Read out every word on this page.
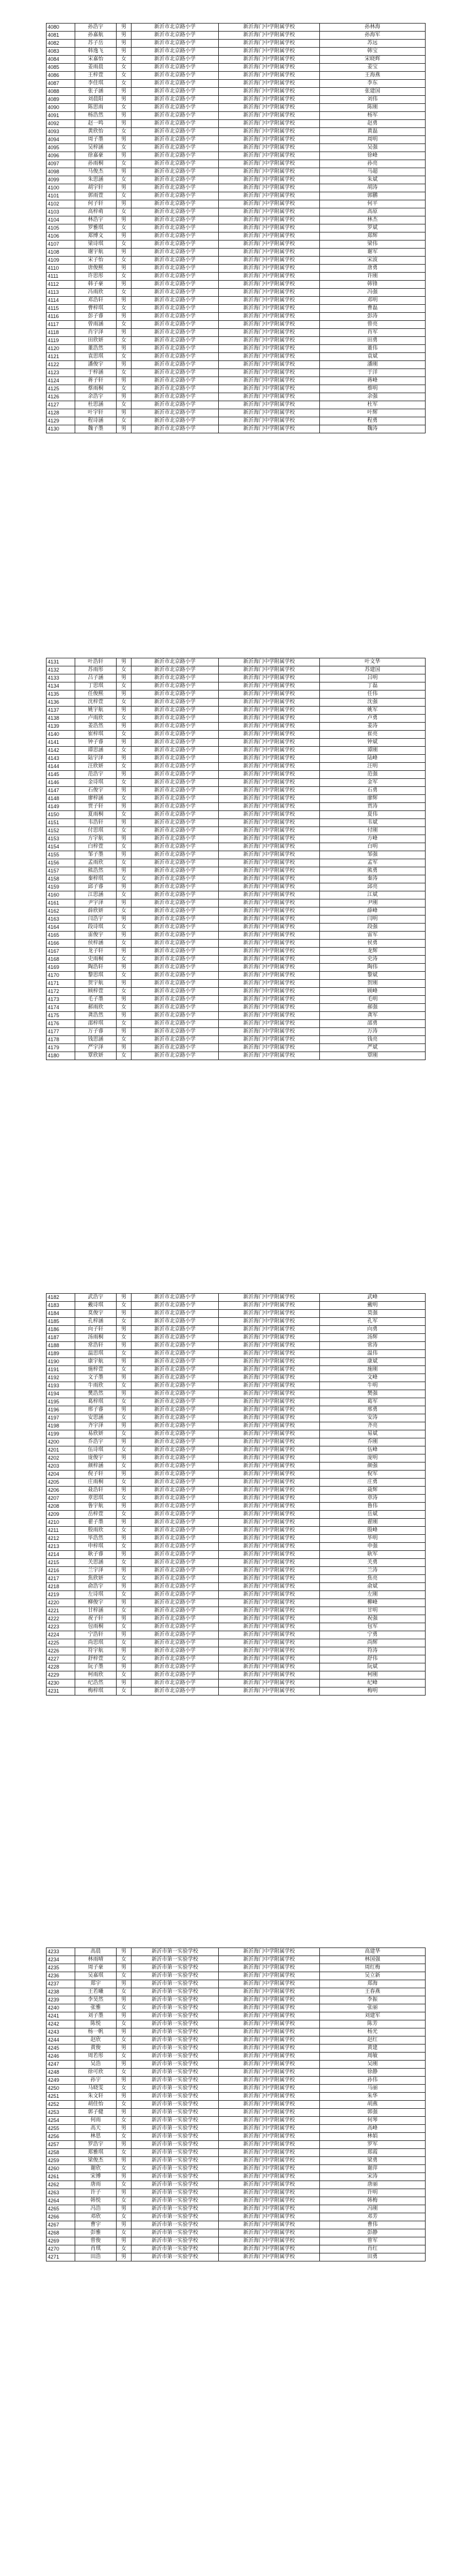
4080	孙浩宇	男	新沂市北京路小学	新沂海门中学附属学校	孙林海
4081	孙嘉航	男	新沂市北京路小学	新沂海门中学附属学校	孙海军
4082	苏子岳	男	新沂市北京路小学	新沂海门中学附属学校	苏远
4083	韩逸飞	男	新沂市北京路小学	新沂海门中学附属学校	韩宝
4084	宋嘉怡	女	新沂市北京路小学	新沂海门中学附属学校	宋晓辉
4085	姜雨晨	女	新沂市北京路小学	新沂海门中学附属学校	姜宝
4086	王梓萱	女	新沂市北京路小学	新沂海门中学附属学校	王海燕
4087	李佳琪	女	新沂市北京路小学	新沂海门中学附属学校	李东
4088	张子涵	男	新沂市北京路小学	新沂海门中学附属学校	张建国
4089	刘晨阳	男	新沂市北京路小学	新沂海门中学附属学校	刘伟
4090	陈思雨	女	新沂市北京路小学	新沂海门中学附属学校	陈刚
4091	杨浩然	男	新沂市北京路小学	新沂海门中学附属学校	杨军
4092	赵一鸣	男	新沂市北京路小学	新沂海门中学附属学校	赵勇
4093	黄欣怡	女	新沂市北京路小学	新沂海门中学附属学校	黄磊
4094	周子墨	男	新沂市北京路小学	新沂海门中学附属学校	周明
4095	吴梓涵	女	新沂市北京路小学	新沂海门中学附属学校	吴强
4096	徐嘉豪	男	新沂市北京路小学	新沂海门中学附属学校	徐峰
4097	孙雨桐	女	新沂市北京路小学	新沂海门中学附属学校	孙亮
4098	马俊杰	男	新沂市北京路小学	新沂海门中学附属学校	马超
4099	朱思涵	女	新沂市北京路小学	新沂海门中学附属学校	朱斌
4100	胡宇轩	男	新沂市北京路小学	新沂海门中学附属学校	胡涛
4101	郭雨萱	女	新沂市北京路小学	新沂海门中学附属学校	郭鹏
4102	何子轩	男	新沂市北京路小学	新沂海门中学附属学校	何平
4103	高梓萌	女	新沂市北京路小学	新沂海门中学附属学校	高原
4104	林浩宇	男	新沂市北京路小学	新沂海门中学附属学校	林杰
4105	罗雅琪	女	新沂市北京路小学	新沂海门中学附属学校	罗斌
4106	郑博文	男	新沂市北京路小学	新沂海门中学附属学校	郑辉
4107	梁诗琪	女	新沂市北京路小学	新沂海门中学附属学校	梁伟
4108	谢宇航	男	新沂市北京路小学	新沂海门中学附属学校	谢军
4109	宋子怡	女	新沂市北京路小学	新沂海门中学附属学校	宋波
4110	唐俊熙	男	新沂市北京路小学	新沂海门中学附属学校	唐勇
4111	许思彤	女	新沂市北京路小学	新沂海门中学附属学校	许刚
4112	韩子豪	男	新沂市北京路小学	新沂海门中学附属学校	韩锋
4113	冯雨欣	女	新沂市北京路小学	新沂海门中学附属学校	冯强
4114	邓浩轩	男	新沂市北京路小学	新沂海门中学附属学校	邓明
4115	曹梓琪	女	新沂市北京路小学	新沂海门中学附属学校	曹磊
4116	彭子睿	男	新沂市北京路小学	新沂海门中学附属学校	彭涛
4117	曾雨涵	女	新沂市北京路小学	新沂海门中学附属学校	曾亮
4118	肖宇泽	男	新沂市北京路小学	新沂海门中学附属学校	肖军
4119	田欣妍	女	新沂市北京路小学	新沂海门中学附属学校	田勇
4120	董浩然	男	新沂市北京路小学	新沂海门中学附属学校	董伟
4121	袁思琪	女	新沂市北京路小学	新沂海门中学附属学校	袁斌
4122	潘俊宇	男	新沂市北京路小学	新沂海门中学附属学校	潘刚
4123	于梓涵	女	新沂市北京路小学	新沂海门中学附属学校	于洋
4124	蒋子轩	男	新沂市北京路小学	新沂海门中学附属学校	蒋峰
4125	蔡雨桐	女	新沂市北京路小学	新沂海门中学附属学校	蔡明
4126	余浩宇	男	新沂市北京路小学	新沂海门中学附属学校	余强
4127	杜思涵	女	新沂市北京路小学	新沂海门中学附属学校	杜军
4128	叶宇轩	男	新沂市北京路小学	新沂海门中学附属学校	叶辉
4129	程诗涵	女	新沂市北京路小学	新沂海门中学附属学校	程勇
4130	魏子墨	男	新沂市北京路小学	新沂海门中学附属学校	魏涛
4131	叶浩轩	男	新沂市北京路小学	新沂海门中学附属学校	叶文华
4132	苏雨彤	女	新沂市北京路小学	新沂海门中学附属学校	苏建国
4133	吕子涵	男	新沂市北京路小学	新沂海门中学附属学校	吕明
4134	丁思琪	女	新沂市北京路小学	新沂海门中学附属学校	丁磊
4135	任俊熙	男	新沂市北京路小学	新沂海门中学附属学校	任伟
4136	沈梓萱	女	新沂市北京路小学	新沂海门中学附属学校	沈强
4137	姚宇航	男	新沂市北京路小学	新沂海门中学附属学校	姚军
4138	卢雨欣	女	新沂市北京路小学	新沂海门中学附属学校	卢勇
4139	姜浩然	男	新沂市北京路小学	新沂海门中学附属学校	姜涛
4140	崔梓琪	女	新沂市北京路小学	新沂海门中学附属学校	崔亮
4141	钟子睿	男	新沂市北京路小学	新沂海门中学附属学校	钟斌
4142	谭思涵	女	新沂市北京路小学	新沂海门中学附属学校	谭刚
4143	陆宇泽	男	新沂市北京路小学	新沂海门中学附属学校	陆峰
4144	汪欣妍	女	新沂市北京路小学	新沂海门中学附属学校	汪明
4145	范浩宇	男	新沂市北京路小学	新沂海门中学附属学校	范强
4146	金诗琪	女	新沂市北京路小学	新沂海门中学附属学校	金军
4147	石俊宇	男	新沂市北京路小学	新沂海门中学附属学校	石勇
4148	廖梓涵	女	新沂市北京路小学	新沂海门中学附属学校	廖辉
4149	贾子轩	男	新沂市北京路小学	新沂海门中学附属学校	贾涛
4150	夏雨桐	女	新沂市北京路小学	新沂海门中学附属学校	夏伟
4151	韦浩轩	男	新沂市北京路小学	新沂海门中学附属学校	韦斌
4152	付思琪	女	新沂市北京路小学	新沂海门中学附属学校	付刚
4153	方宇航	男	新沂市北京路小学	新沂海门中学附属学校	方峰
4154	白梓萱	女	新沂市北京路小学	新沂海门中学附属学校	白明
4155	邹子墨	男	新沂市北京路小学	新沂海门中学附属学校	邹强
4156	孟雨欣	女	新沂市北京路小学	新沂海门中学附属学校	孟军
4157	熊浩然	男	新沂市北京路小学	新沂海门中学附属学校	熊勇
4158	秦梓琪	女	新沂市北京路小学	新沂海门中学附属学校	秦涛
4159	邱子睿	男	新沂市北京路小学	新沂海门中学附属学校	邱亮
4160	江思涵	女	新沂市北京路小学	新沂海门中学附属学校	江斌
4161	尹宇泽	男	新沂市北京路小学	新沂海门中学附属学校	尹刚
4162	薛欣妍	女	新沂市北京路小学	新沂海门中学附属学校	薛峰
4163	闫浩宇	男	新沂市北京路小学	新沂海门中学附属学校	闫明
4164	段诗琪	女	新沂市北京路小学	新沂海门中学附属学校	段强
4165	雷俊宇	男	新沂市北京路小学	新沂海门中学附属学校	雷军
4166	侯梓涵	女	新沂市北京路小学	新沂海门中学附属学校	侯勇
4167	龙子轩	男	新沂市北京路小学	新沂海门中学附属学校	龙辉
4168	史雨桐	女	新沂市北京路小学	新沂海门中学附属学校	史涛
4169	陶浩轩	男	新沂市北京路小学	新沂海门中学附属学校	陶伟
4170	黎思琪	女	新沂市北京路小学	新沂海门中学附属学校	黎斌
4171	贺宇航	男	新沂市北京路小学	新沂海门中学附属学校	贺刚
4172	顾梓萱	女	新沂市北京路小学	新沂海门中学附属学校	顾峰
4173	毛子墨	男	新沂市北京路小学	新沂海门中学附属学校	毛明
4174	郝雨欣	女	新沂市北京路小学	新沂海门中学附属学校	郝强
4175	龚浩然	男	新沂市北京路小学	新沂海门中学附属学校	龚军
4176	邵梓琪	女	新沂市北京路小学	新沂海门中学附属学校	邵勇
4177	万子睿	男	新沂市北京路小学	新沂海门中学附属学校	万涛
4178	钱思涵	女	新沂市北京路小学	新沂海门中学附属学校	钱亮
4179	严宇泽	男	新沂市北京路小学	新沂海门中学附属学校	严斌
4180	覃欣妍	女	新沂市北京路小学	新沂海门中学附属学校	覃刚
4182	武浩宇	男	新沂市北京路小学	新沂海门中学附属学校	武峰
4183	戴诗琪	女	新沂市北京路小学	新沂海门中学附属学校	戴明
4184	莫俊宇	男	新沂市北京路小学	新沂海门中学附属学校	莫强
4185	孔梓涵	女	新沂市北京路小学	新沂海门中学附属学校	孔军
4186	向子轩	男	新沂市北京路小学	新沂海门中学附属学校	向勇
4187	汤雨桐	女	新沂市北京路小学	新沂海门中学附属学校	汤辉
4188	常浩轩	男	新沂市北京路小学	新沂海门中学附属学校	常涛
4189	温思琪	女	新沂市北京路小学	新沂海门中学附属学校	温伟
4190	康宇航	男	新沂市北京路小学	新沂海门中学附属学校	康斌
4191	施梓萱	女	新沂市北京路小学	新沂海门中学附属学校	施刚
4192	文子墨	男	新沂市北京路小学	新沂海门中学附属学校	文峰
4193	牛雨欣	女	新沂市北京路小学	新沂海门中学附属学校	牛明
4194	樊浩然	男	新沂市北京路小学	新沂海门中学附属学校	樊强
4195	葛梓琪	女	新沂市北京路小学	新沂海门中学附属学校	葛军
4196	邢子睿	男	新沂市北京路小学	新沂海门中学附属学校	邢勇
4197	安思涵	女	新沂市北京路小学	新沂海门中学附属学校	安涛
4198	齐宇泽	男	新沂市北京路小学	新沂海门中学附属学校	齐亮
4199	易欣妍	女	新沂市北京路小学	新沂海门中学附属学校	易斌
4200	乔浩宇	男	新沂市北京路小学	新沂海门中学附属学校	乔刚
4201	伍诗琪	女	新沂市北京路小学	新沂海门中学附属学校	伍峰
4202	庞俊宇	男	新沂市北京路小学	新沂海门中学附属学校	庞明
4203	颜梓涵	女	新沂市北京路小学	新沂海门中学附属学校	颜强
4204	倪子轩	男	新沂市北京路小学	新沂海门中学附属学校	倪军
4205	庄雨桐	女	新沂市北京路小学	新沂海门中学附属学校	庄勇
4206	聂浩轩	男	新沂市北京路小学	新沂海门中学附属学校	聂辉
4207	章思琪	女	新沂市北京路小学	新沂海门中学附属学校	章涛
4208	鲁宇航	男	新沂市北京路小学	新沂海门中学附属学校	鲁伟
4209	岳梓萱	女	新沂市北京路小学	新沂海门中学附属学校	岳斌
4210	翟子墨	男	新沂市北京路小学	新沂海门中学附属学校	翟刚
4211	殷雨欣	女	新沂市北京路小学	新沂海门中学附属学校	殷峰
4212	毕浩然	男	新沂市北京路小学	新沂海门中学附属学校	毕明
4213	申梓琪	女	新沂市北京路小学	新沂海门中学附属学校	申强
4214	耿子睿	男	新沂市北京路小学	新沂海门中学附属学校	耿军
4215	关思涵	女	新沂市北京路小学	新沂海门中学附属学校	关勇
4216	兰宇泽	男	新沂市北京路小学	新沂海门中学附属学校	兰涛
4217	焦欣妍	女	新沂市北京路小学	新沂海门中学附属学校	焦亮
4218	俞浩宇	男	新沂市北京路小学	新沂海门中学附属学校	俞斌
4219	左诗琪	女	新沂市北京路小学	新沂海门中学附属学校	左刚
4220	柳俊宇	男	新沂市北京路小学	新沂海门中学附属学校	柳峰
4221	甘梓涵	女	新沂市北京路小学	新沂海门中学附属学校	甘明
4222	祝子轩	男	新沂市北京路小学	新沂海门中学附属学校	祝强
4223	包雨桐	女	新沂市北京路小学	新沂海门中学附属学校	包军
4224	宁浩轩	男	新沂市北京路小学	新沂海门中学附属学校	宁勇
4225	尚思琪	女	新沂市北京路小学	新沂海门中学附属学校	尚辉
4226	符宇航	男	新沂市北京路小学	新沂海门中学附属学校	符涛
4227	舒梓萱	女	新沂市北京路小学	新沂海门中学附属学校	舒伟
4228	阮子墨	男	新沂市北京路小学	新沂海门中学附属学校	阮斌
4229	柯雨欣	女	新沂市北京路小学	新沂海门中学附属学校	柯刚
4230	纪浩然	男	新沂市北京路小学	新沂海门中学附属学校	纪峰
4231	梅梓琪	女	新沂市北京路小学	新沂海门中学附属学校	梅明
4233	高晨	男	新沂市第一实验学校	新沂海门中学附属学校	高建华
4234	林雨晴	女	新沂市第一实验学校	新沂海门中学附属学校	林国强
4235	周子豪	男	新沂市第一实验学校	新沂海门中学附属学校	周红梅
4236	吴嘉琪	女	新沂市第一实验学校	新沂海门中学附属学校	吴立新
4237	郑宇	男	新沂市第一实验学校	新沂海门中学附属学校	郑海
4238	王若曦	女	新沂市第一实验学校	新沂海门中学附属学校	王春燕
4239	李昊然	男	新沂市第一实验学校	新沂海门中学附属学校	李振
4240	张雅	女	新沂市第一实验学校	新沂海门中学附属学校	张丽
4241	刘子墨	男	新沂市第一实验学校	新沂海门中学附属学校	刘建军
4242	陈悦	女	新沂市第一实验学校	新沂海门中学附属学校	陈芳
4243	杨一帆	男	新沂市第一实验学校	新沂海门中学附属学校	杨光
4244	赵欣	女	新沂市第一实验学校	新沂海门中学附属学校	赵红
4245	黄俊	男	新沂市第一实验学校	新沂海门中学附属学校	黄建
4246	周若彤	女	新沂市第一实验学校	新沂海门中学附属学校	周敏
4247	吴浩	男	新沂市第一实验学校	新沂海门中学附属学校	吴刚
4248	徐可欣	女	新沂市第一实验学校	新沂海门中学附属学校	徐静
4249	孙宇	男	新沂市第一实验学校	新沂海门中学附属学校	孙伟
4250	马晓雯	女	新沂市第一实验学校	新沂海门中学附属学校	马丽
4251	朱文轩	男	新沂市第一实验学校	新沂海门中学附属学校	朱华
4252	胡佳怡	女	新沂市第一实验学校	新沂海门中学附属学校	胡燕
4253	郭子健	男	新沂市第一实验学校	新沂海门中学附属学校	郭强
4254	何雨	女	新沂市第一实验学校	新沂海门中学附属学校	何琴
4255	高天	男	新沂市第一实验学校	新沂海门中学附属学校	高峰
4256	林思	女	新沂市第一实验学校	新沂海门中学附属学校	林娟
4257	罗浩宇	男	新沂市第一实验学校	新沂海门中学附属学校	罗军
4258	郑雅琪	女	新沂市第一实验学校	新沂海门中学附属学校	郑霞
4259	梁俊杰	男	新沂市第一实验学校	新沂海门中学附属学校	梁勇
4260	谢欣	女	新沂市第一实验学校	新沂海门中学附属学校	谢萍
4261	宋博	男	新沂市第一实验学校	新沂海门中学附属学校	宋涛
4262	唐雨	女	新沂市第一实验学校	新沂海门中学附属学校	唐丽
4263	许子	男	新沂市第一实验学校	新沂海门中学附属学校	许明
4264	韩悦	女	新沂市第一实验学校	新沂海门中学附属学校	韩梅
4265	冯浩	男	新沂市第一实验学校	新沂海门中学附属学校	冯刚
4266	邓欣	女	新沂市第一实验学校	新沂海门中学附属学校	邓芳
4267	曹宇	男	新沂市第一实验学校	新沂海门中学附属学校	曹伟
4268	彭雅	女	新沂市第一实验学校	新沂海门中学附属学校	彭静
4269	曾俊	男	新沂市第一实验学校	新沂海门中学附属学校	曾军
4270	肖琪	女	新沂市第一实验学校	新沂海门中学附属学校	肖红
4271	田浩	男	新沂市第一实验学校	新沂海门中学附属学校	田勇
